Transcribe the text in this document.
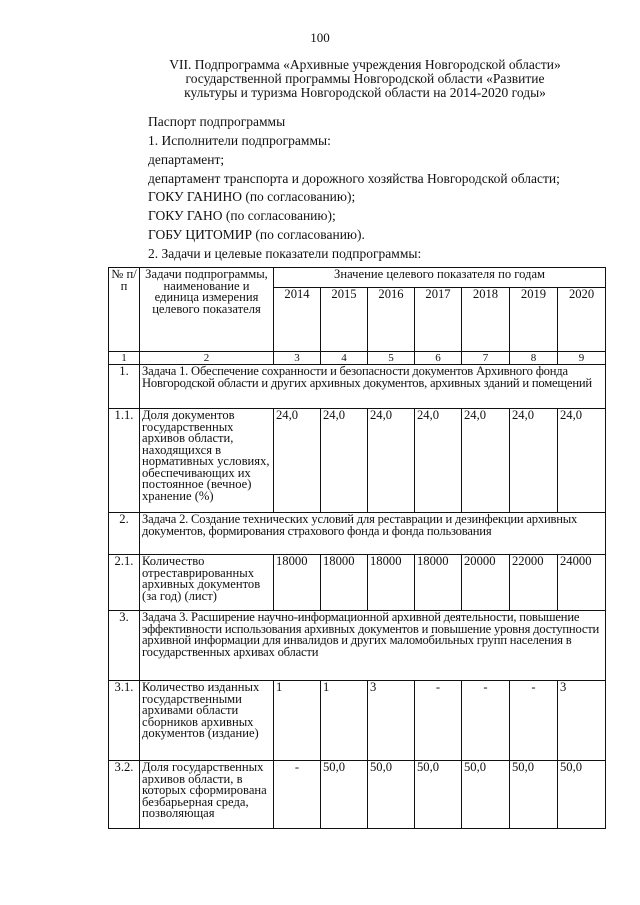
100
VII. Подпрограмма «Архивные учреждения Новгородской области»
государственной программы Новгородской области «Развитие
культуры и туризма Новгородской области на 2014-2020 годы»
Паспорт подпрограммы
1. Исполнители подпрограммы:
департамент;
департамент транспорта и дорожного хозяйства Новгородской области;
ГОКУ ГАНИНО (по согласованию);
ГОКУ ГАНО (по согласованию);
ГОБУ ЦИТОМИР (по согласованию).
2. Задачи и целевые показатели подпрограммы:
№ п/п	Задачи подпрограммы, наименование и единица измерения целевого показателя	Значение целевого показателя по годам						
		2014	2015	2016	2017	2018	2019	2020
1	2	3	4	5	6	7	8	9
1.	Задача 1. Обеспечение сохранности и безопасности документов Архивного фонда Новгородской области и других архивных документов, архивных зданий и помещений							
1.1.	Доля документов государственных архивов области, находящихся в нормативных условиях, обеспечивающих их постоянное (вечное) хранение (%)	24,0	24,0	24,0	24,0	24,0	24,0	24,0
2.	Задача 2. Создание технических условий для реставрации и дезинфекции архивных документов, формирования страхового фонда и фонда пользования							
2.1.	Количество отреставрированных архивных документов (за год) (лист)	18000	18000	18000	18000	20000	22000	24000
3.	Задача 3. Расширение научно-информационной архивной деятельности, повышение эффективности использования архивных документов и повышение уровня доступности архивной информации для инвалидов и других маломобильных групп населения в государственных архивах области							
3.1.	Количество изданных государственными архивами области сборников архивных документов (издание)	1	1	3	-	-	-	3
3.2.	Доля государственных архивов области, в которых сформирована безбарьерная среда, позволяющая	-	50,0	50,0	50,0	50,0	50,0	50,0
